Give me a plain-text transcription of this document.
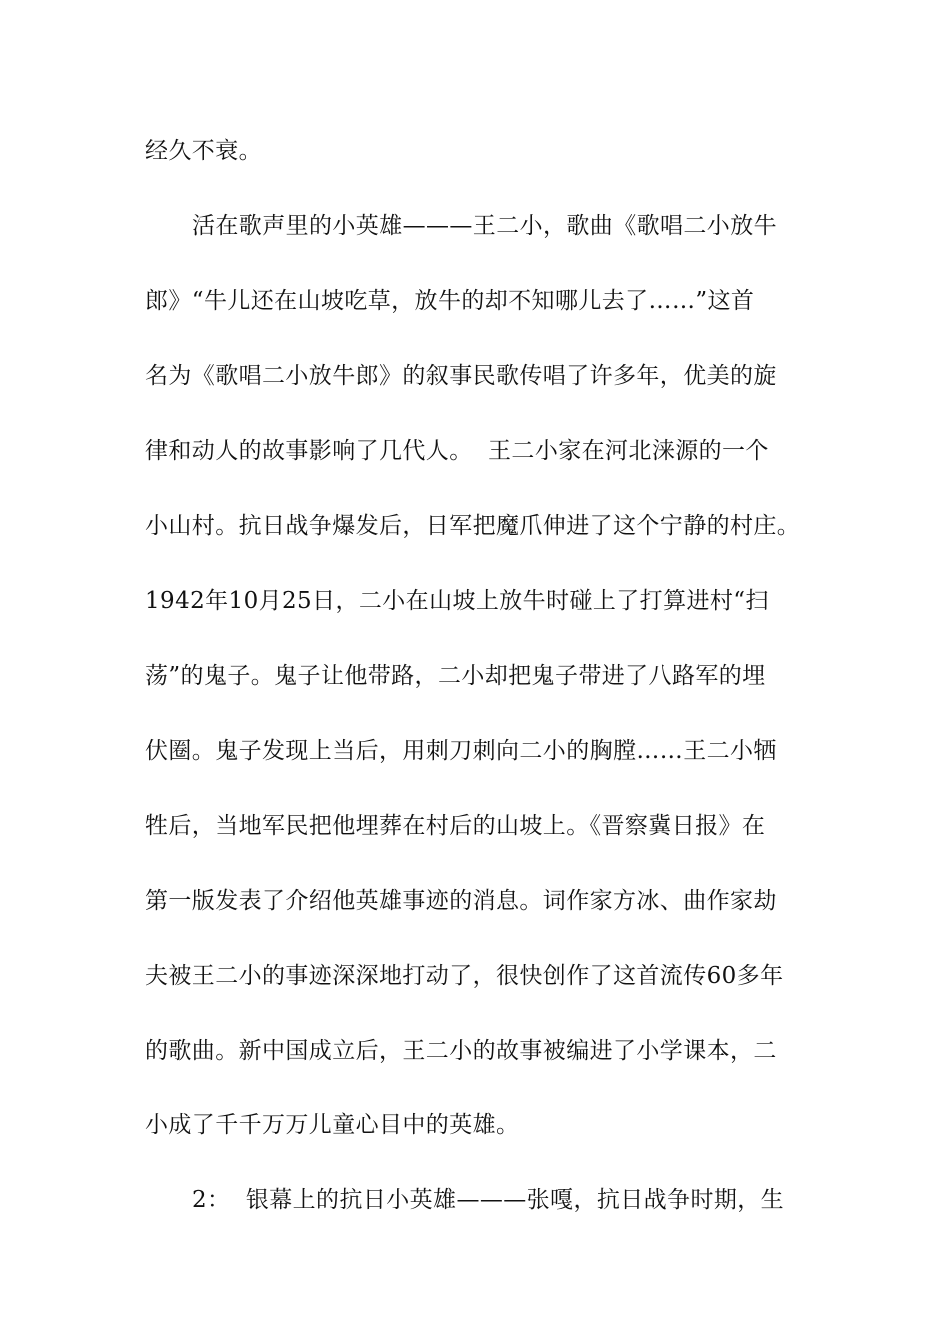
经久不衰。
活在歌声里的小英雄———王二小，歌曲《歌唱二小放牛
郎》“牛儿还在山坡吃草，放牛的却不知哪儿去了……”这首
名为《歌唱二小放牛郎》的叙事民歌传唱了许多年，优美的旋
律和动人的故事影响了几代人。  王二小家在河北涞源的一个
小山村。抗日战争爆发后，日军把魔爪伸进了这个宁静的村庄。
1942年10月25日，二小在山坡上放牛时碰上了打算进村“扫
荡”的鬼子。鬼子让他带路，二小却把鬼子带进了八路军的埋
伏圈。鬼子发现上当后，用刺刀刺向二小的胸膛……王二小牺
牲后，当地军民把他埋葬在村后的山坡上。《晋察冀日报》在
第一版发表了介绍他英雄事迹的消息。词作家方冰、曲作家劫
夫被王二小的事迹深深地打动了，很快创作了这首流传60多年
的歌曲。新中国成立后，王二小的故事被编进了小学课本，二
小成了千千万万儿童心目中的英雄。
2：  银幕上的抗日小英雄———张嘎，抗日战争时期，生
